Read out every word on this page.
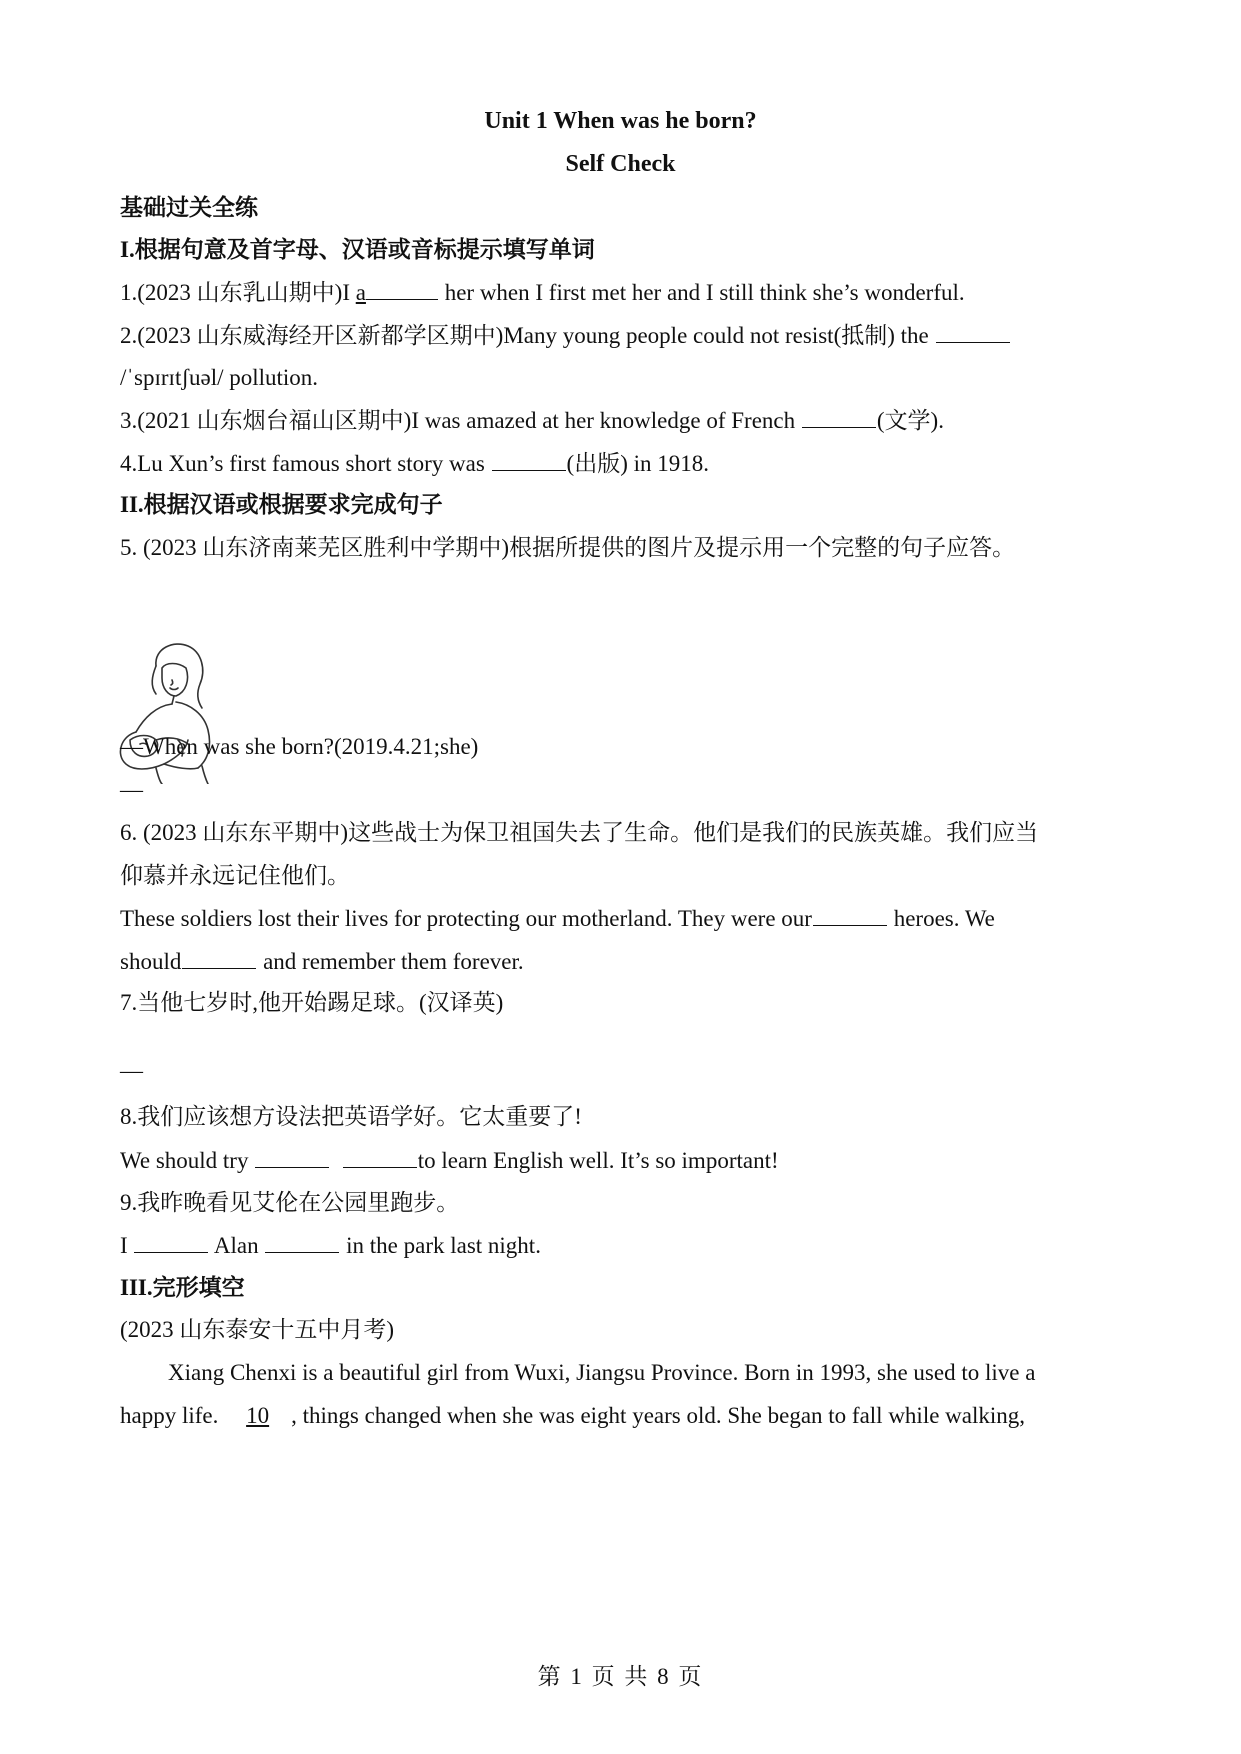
Unit 1 When was he born?
Self Check
基础过关全练
I.根据句意及首字母、汉语或音标提示填写单词
1.(2023 山东乳山期中)I a	her when I first met her and I still think she’s wonderful.
2.(2023 山东威海经开区新都学区期中)Many young people could not resist(抵制) the
/ˈspɪrɪtʃuəl/ pollution.
3.(2021 山东烟台福山区期中)I was amazed at her knowledge of French	(文学).
4.Lu Xun’s first famous short story was	(出版) in 1918.
II.根据汉语或根据要求完成句子
5. (2023 山东济南莱芜区胜利中学期中)根据所提供的图片及提示用一个完整的句子应答。
—When was she born?(2019.4.21;she)
—
6. (2023 山东东平期中)这些战士为保卫祖国失去了生命。他们是我们的民族英雄。我们应当
仰慕并永远记住他们。
These soldiers lost their lives for protecting our motherland. They were our	heroes. We
should	and remember them forever.
7.当他七岁时,他开始踢足球。(汉译英)
—
8.我们应该想方设法把英语学好。它太重要了!
We should try	to learn English well. It’s so important!
9.我昨晚看见艾伦在公园里跑步。
I	Alan	in the park last night.
III.完形填空
(2023 山东泰安十五中月考)
Xiang Chenxi is a beautiful girl from Wuxi, Jiangsu Province. Born in 1993, she used to live a
happy life. 10 , things changed when she was eight years old. She began to fall while walking,
第 1 页 共 8 页
